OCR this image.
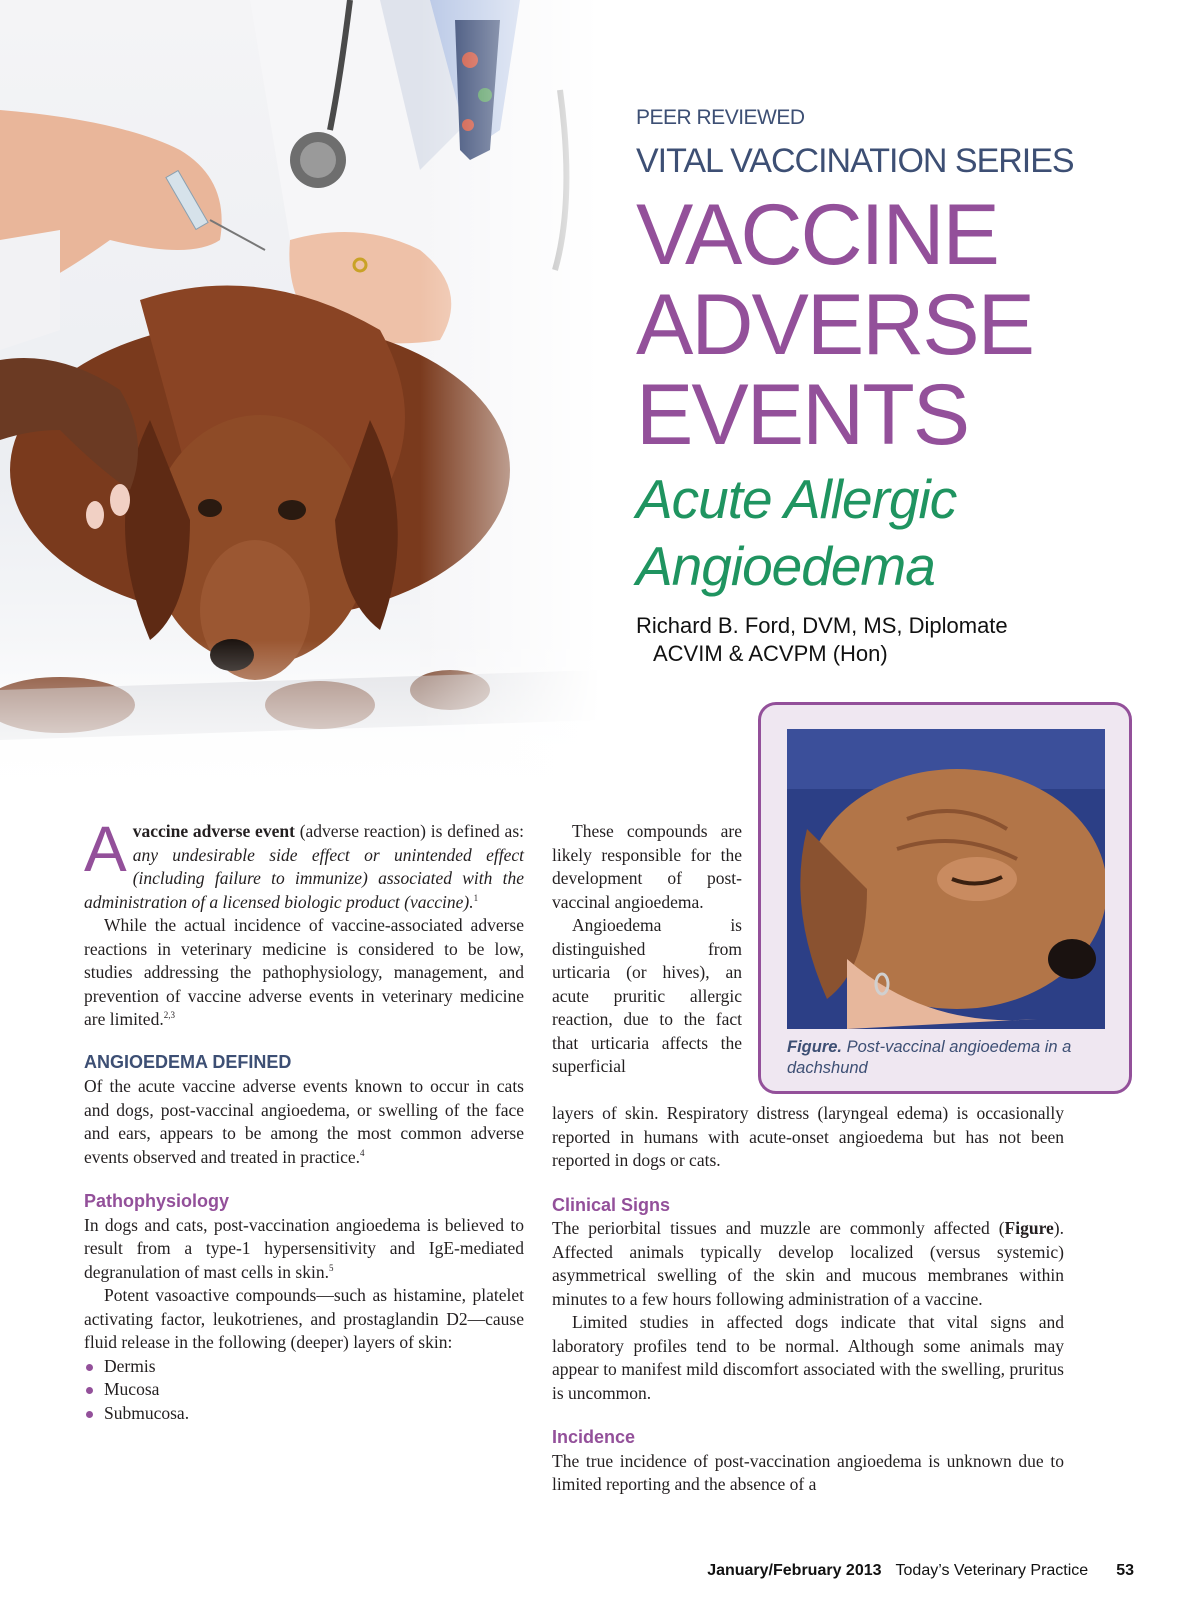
PEER REVIEWED
VITAL VACCINATION SERIES
VACCINE
ADVERSE
EVENTS
Acute Allergic
Angioedema
Richard B. Ford, DVM, MS, Diplomate
ACVIM & ACVPM (Hon)
Figure. Post-vaccinal angioedema in a dachshund

Avaccine adverse event (adverse reaction) is defined as: any undesirable side effect or unintended effect (including failure to immunize) associated with the administration of a licensed biologic product (vaccine).$^1$

While the actual incidence of vaccine-associated adverse reactions in veterinary medicine is considered to be low, studies addressing the pathophysiology, management, and prevention of vaccine adverse events in veterinary medicine are limited.$^{2,3}$

ANGIOEDEMA DEFINED

Of the acute vaccine adverse events known to occur in cats and dogs, post-vaccinal angioedema, or swelling of the face and ears, appears to be among the most common adverse events observed and treated in practice.$^4$

Pathophysiology

In dogs and cats, post-vaccination angioedema is believed to result from a type-1 hypersensitivity and IgE-mediated degranulation of mast cells in skin.$^5$

Potent vasoactive compounds—such as histamine, platelet activating factor, leukotrienes, and prostaglandin D2—cause fluid release in the following (deeper) layers of skin:

Dermis
Mucosa
Submucosa.

These compounds are likely responsible for the development of post-vaccinal angioedema.

Angioedema is distinguished from urticaria (or hives), an acute pruritic allergic reaction, due to the fact that urticaria affects the superficial

layers of skin. Respiratory distress (laryngeal edema) is occasionally reported in humans with acute-onset angioedema but has not been reported in dogs or cats.

Clinical Signs

The periorbital tissues and muzzle are commonly affected (Figure). Affected animals typically develop localized (versus systemic) asymmetrical swelling of the skin and mucous membranes within minutes to a few hours following administration of a vaccine.

Limited studies in affected dogs indicate that vital signs and laboratory profiles tend to be normal. Although some animals may appear to manifest mild discomfort associated with the swelling, pruritus is uncommon.

Incidence

The true incidence of post-vaccination angioedema is unknown due to limited reporting and the absence of a

January/February 2013 Today’s Veterinary Practice 53
